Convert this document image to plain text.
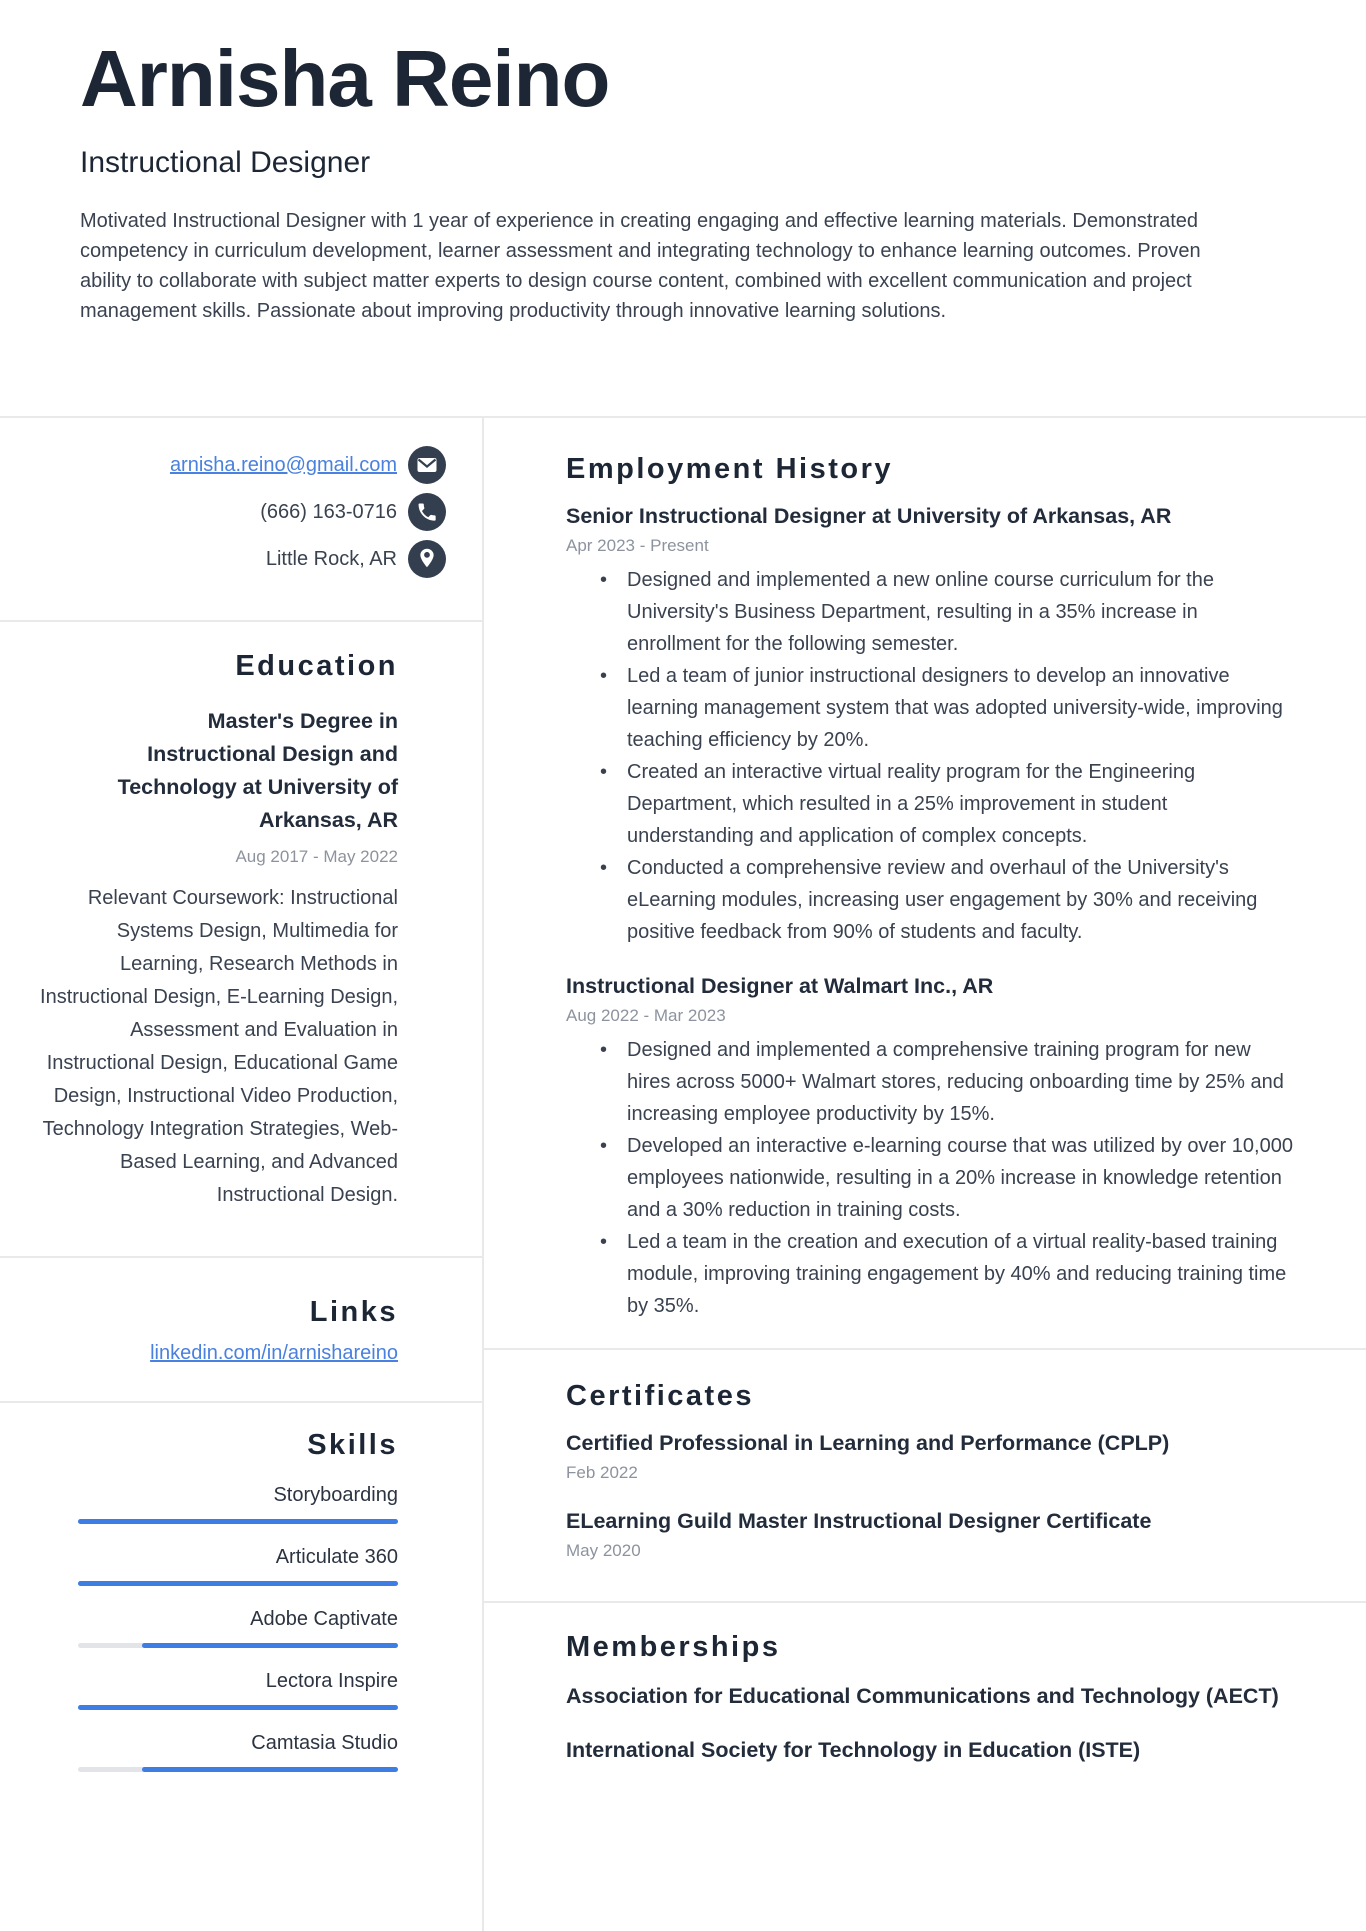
Arnisha Reino
Instructional Designer
Motivated Instructional Designer with 1 year of experience in creating engaging and effective learning materials. Demonstrated competency in curriculum development, learner assessment and integrating technology to enhance learning outcomes. Proven ability to collaborate with subject matter experts to design course content, combined with excellent communication and project management skills. Passionate about improving productivity through innovative learning solutions.
arnisha.reino@gmail.com
(666) 163-0716
Little Rock, AR
Education
Master's Degree in Instructional Design and Technology at University of Arkansas, AR
Aug 2017 - May 2022
Relevant Coursework: Instructional Systems Design, Multimedia for Learning, Research Methods in Instructional Design, E-Learning Design, Assessment and Evaluation in Instructional Design, Educational Game Design, Instructional Video Production, Technology Integration Strategies, Web-Based Learning, and Advanced Instructional Design.
Links
linkedin.com/in/arnishareino
Skills
Storyboarding
Articulate 360
Adobe Captivate
Lectora Inspire
Camtasia Studio
Employment History
Senior Instructional Designer at University of Arkansas, AR
Apr 2023 - Present
• Designed and implemented a new online course curriculum for the University's Business Department, resulting in a 35% increase in enrollment for the following semester.
• Led a team of junior instructional designers to develop an innovative learning management system that was adopted university-wide, improving teaching efficiency by 20%.
• Created an interactive virtual reality program for the Engineering Department, which resulted in a 25% improvement in student understanding and application of complex concepts.
• Conducted a comprehensive review and overhaul of the University's eLearning modules, increasing user engagement by 30% and receiving positive feedback from 90% of students and faculty.
Instructional Designer at Walmart Inc., AR
Aug 2022 - Mar 2023
• Designed and implemented a comprehensive training program for new hires across 5000+ Walmart stores, reducing onboarding time by 25% and increasing employee productivity by 15%.
• Developed an interactive e-learning course that was utilized by over 10,000 employees nationwide, resulting in a 20% increase in knowledge retention and a 30% reduction in training costs.
• Led a team in the creation and execution of a virtual reality-based training module, improving training engagement by 40% and reducing training time by 35%.
Certificates
Certified Professional in Learning and Performance (CPLP)
Feb 2022
ELearning Guild Master Instructional Designer Certificate
May 2020
Memberships
Association for Educational Communications and Technology (AECT)
International Society for Technology in Education (ISTE)
